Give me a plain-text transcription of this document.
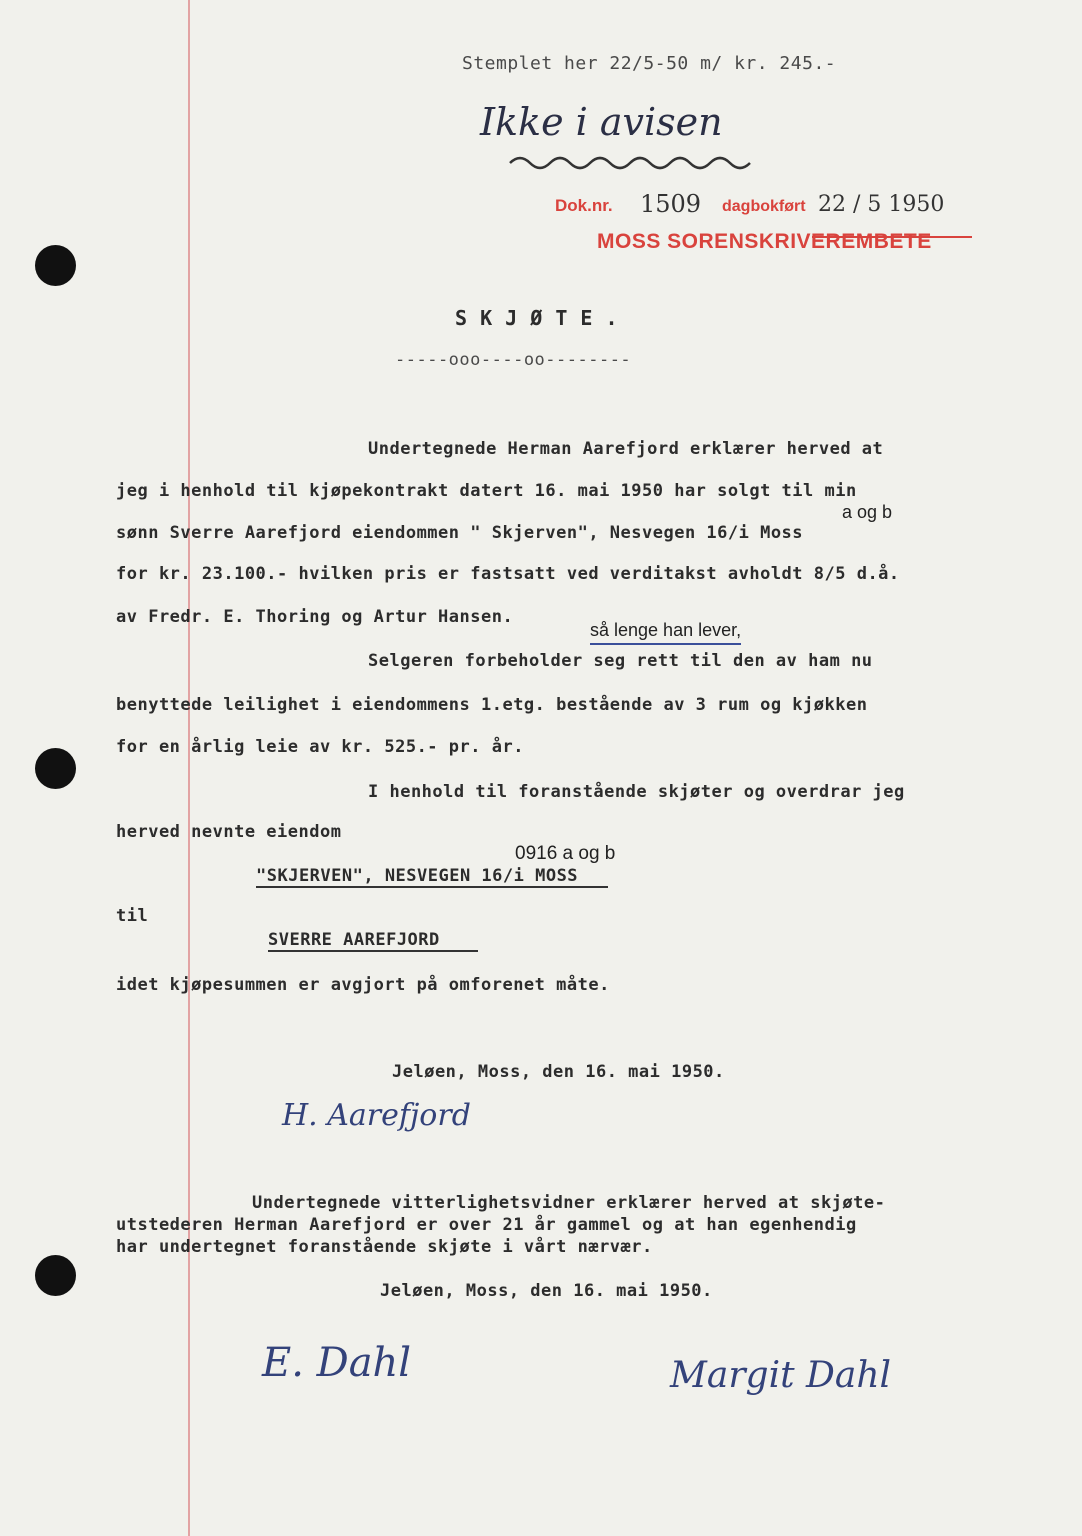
Stemplet her 22/5-50 m/ kr. 245.-
Ikke i avisen
Dok.nr. 1509 dagbokført 22 / 5 1950
MOSS SORENSKRIVEREMBETE
S K J Ø T E .
-----ooo----oo--------
Undertegnede Herman Aarefjord erklærer herved at
jeg i henhold til kjøpekontrakt datert 16. mai 1950 har solgt til min
a og b
sønn Sverre Aarefjord eiendommen " Skjerven", Nesvegen 16/i Moss
for kr. 23.100.- hvilken pris er fastsatt ved verditakst avholdt 8/5 d.å.
av Fredr. E. Thoring og Artur Hansen.
så lenge han lever,
Selgeren forbeholder seg rett til den av ham nu
benyttede leilighet i eiendommens 1.etg. bestående av 3 rum og kjøkken
for en årlig leie av kr. 525.- pr. år.
I henhold til foranstående skjøter og overdrar jeg
herved nevnte eiendom
0916 a og b
"SKJERVEN", NESVEGEN 16/i MOSS
til
SVERRE AAREFJORD
idet kjøpesummen er avgjort på omforenet måte.
Jeløen, Moss, den 16. mai 1950.
H. Aarefjord
Undertegnede vitterlighetsvidner erklærer herved at skjøte-
utstederen Herman Aarefjord er over 21 år gammel og at han egenhendig
har undertegnet foranstående skjøte i vårt nærvær.
Jeløen, Moss, den 16. mai 1950.
E. Dahl	Margit Dahl
